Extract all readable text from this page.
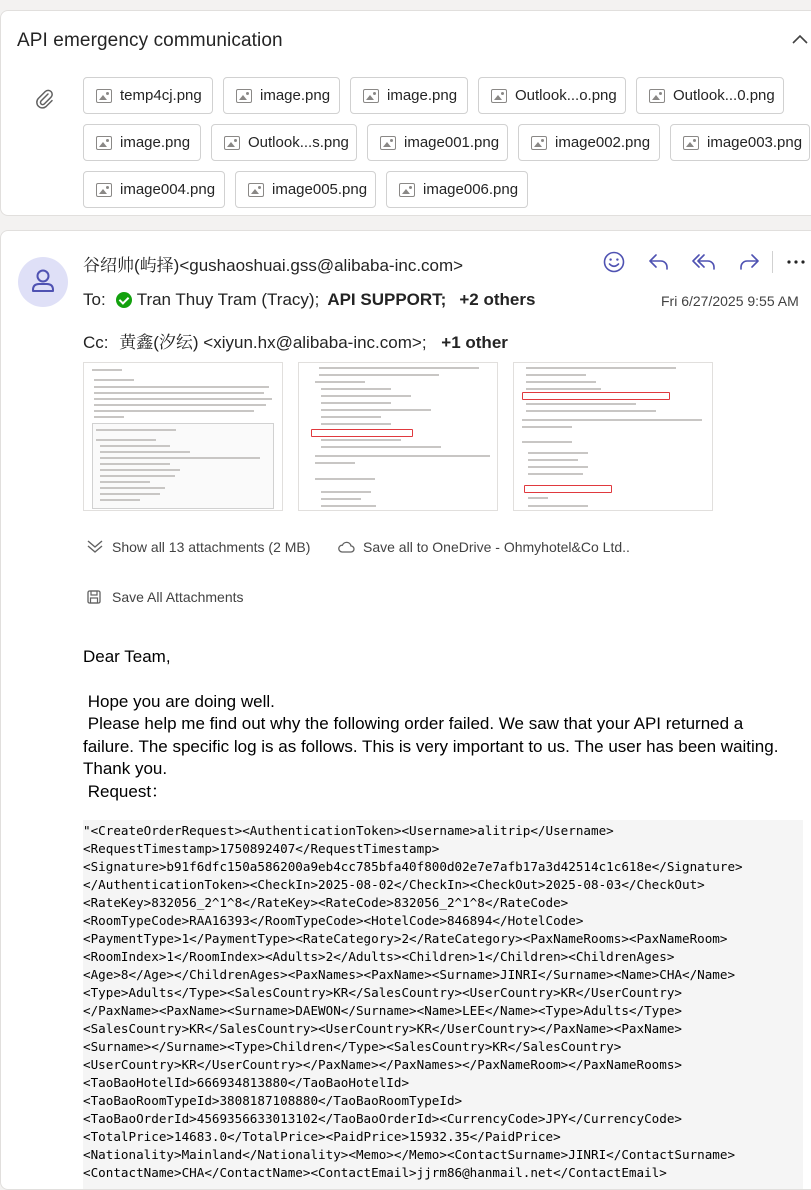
API emergency communication
temp4cj.png	image.png	image.png	Outlook...o.png	Outlook...0.png
image.png	Outlook...s.png	image001.png	image002.png	image003.png
image004.png	image005.png	image006.png
谷绍帅(屿择)<gushaoshuai.gss@alibaba-inc.com>
To: Tran Thuy Tram (Tracy); API SUPPORT; +2 others	Fri 6/27/2025 9:55 AM
Cc: 黄鑫(汐纭) <xiyun.hx@alibaba-inc.com>; +1 other
Show all 13 attachments (2 MB)	Save all to OneDrive - Ohmyhotel&Co Ltd..
Save All Attachments

Dear Team,

Hope you are doing well.

Please help me find out why the following order failed. We saw that your API returned a failure. The specific log is as follows. This is very important to us. The user has been waiting. Thank you.

Request：

"<CreateOrderRequest><AuthenticationToken><Username>alitrip</Username>
<RequestTimestamp>1750892407</RequestTimestamp>
<Signature>b91f6dfc150a586200a9eb4cc785bfa40f800d02e7e7afb17a3d42514c1c618e</Signature>
</AuthenticationToken><CheckIn>2025-08-02</CheckIn><CheckOut>2025-08-03</CheckOut>
<RateKey>832056_2^1^8</RateKey><RateCode>832056_2^1^8</RateCode>
<RoomTypeCode>RAA16393</RoomTypeCode><HotelCode>846894</HotelCode>
<PaymentType>1</PaymentType><RateCategory>2</RateCategory><PaxNameRooms><PaxNameRoom>
<RoomIndex>1</RoomIndex><Adults>2</Adults><Children>1</Children><ChildrenAges>
<Age>8</Age></ChildrenAges><PaxNames><PaxName><Surname>JINRI</Surname><Name>CHA</Name>
<Type>Adults</Type><SalesCountry>KR</SalesCountry><UserCountry>KR</UserCountry>
</PaxName><PaxName><Surname>DAEWON</Surname><Name>LEE</Name><Type>Adults</Type>
<SalesCountry>KR</SalesCountry><UserCountry>KR</UserCountry></PaxName><PaxName>
<Surname></Surname><Type>Children</Type><SalesCountry>KR</SalesCountry>
<UserCountry>KR</UserCountry></PaxName></PaxNames></PaxNameRoom></PaxNameRooms>
<TaoBaoHotelId>666934813880</TaoBaoHotelId>
<TaoBaoRoomTypeId>3808187108880</TaoBaoRoomTypeId>
<TaoBaoOrderId>4569356633013102</TaoBaoOrderId><CurrencyCode>JPY</CurrencyCode>
<TotalPrice>14683.0</TotalPrice><PaidPrice>15932.35</PaidPrice>
<Nationality>Mainland</Nationality><Memo></Memo><ContactSurname>JINRI</ContactSurname>
<ContactName>CHA</ContactName><ContactEmail>jjrm86@hanmail.net</ContactEmail>
